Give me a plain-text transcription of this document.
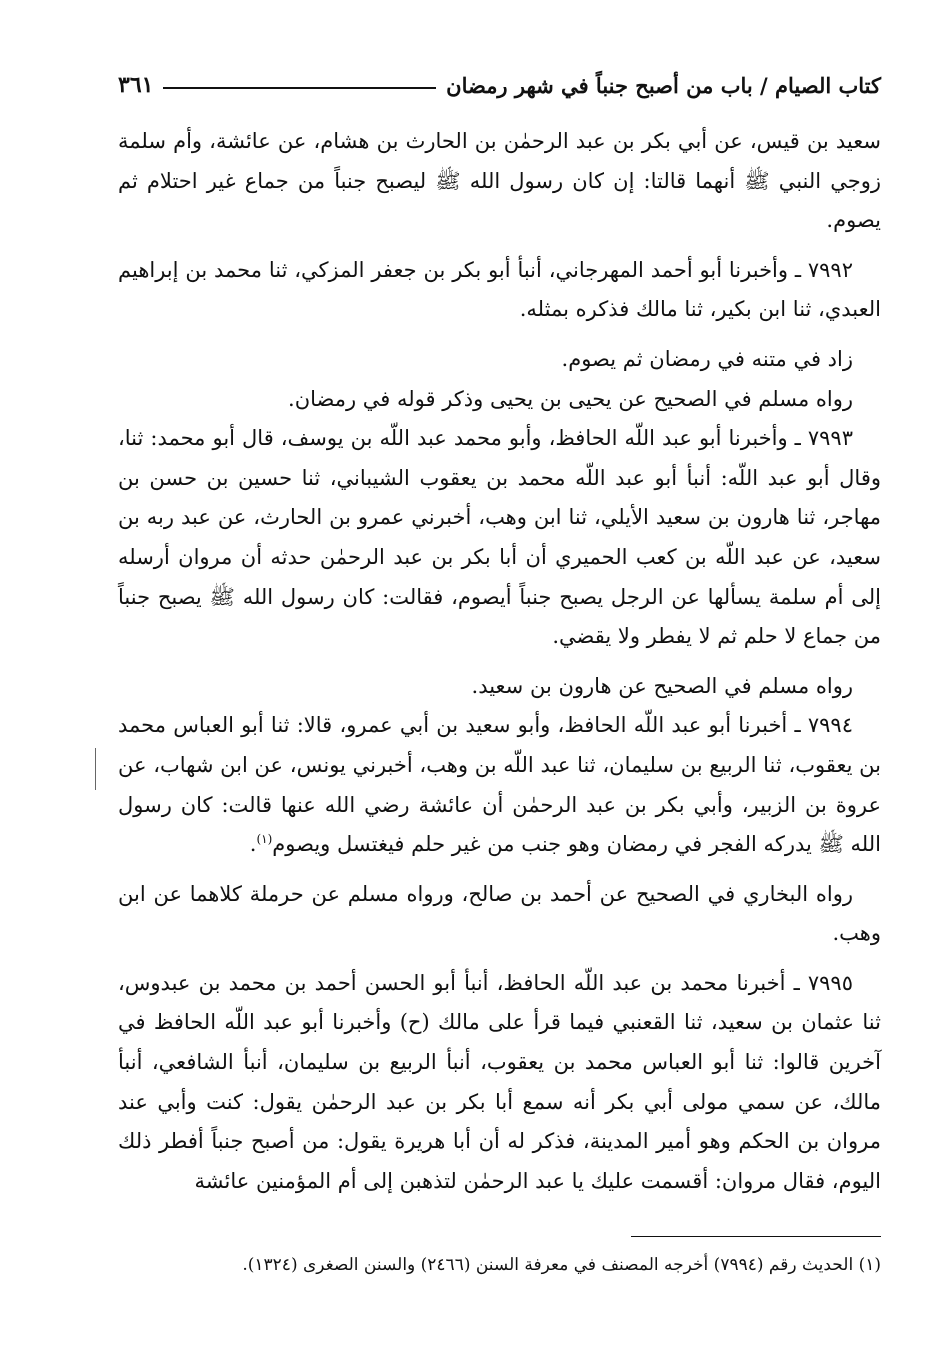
كتاب الصيام / باب من أصبح جنباً في شهر رمضان
٣٦١

سعيد بن قيس، عن أبي بكر بن عبد الرحمٰن بن الحارث بن هشام، عن عائشة، وأم سلمة زوجي النبي ﷺ أنهما قالتا: إن كان رسول الله ﷺ ليصبح جنباً من جماع غير احتلام ثم يصوم.

٧٩٩٢ ـ وأخبرنا أبو أحمد المهرجاني، أنبأ أبو بكر بن جعفر المزكي، ثنا محمد بن إبراهيم العبدي، ثنا ابن بكير، ثنا مالك فذكره بمثله.

زاد في متنه في رمضان ثم يصوم.

رواه مسلم في الصحيح عن يحيى بن يحيى وذكر قوله في رمضان.

٧٩٩٣ ـ وأخبرنا أبو عبد اللّه الحافظ، وأبو محمد عبد اللّه بن يوسف، قال أبو محمد: ثنا، وقال أبو عبد اللّه: أنبأ أبو عبد اللّه محمد بن يعقوب الشيباني، ثنا حسين بن حسن بن مهاجر، ثنا هارون بن سعيد الأيلي، ثنا ابن وهب، أخبرني عمرو بن الحارث، عن عبد ربه بن سعيد، عن عبد اللّه بن كعب الحميري أن أبا بكر بن عبد الرحمٰن حدثه أن مروان أرسله إلى أم سلمة يسألها عن الرجل يصبح جنباً أيصوم، فقالت: كان رسول الله ﷺ يصبح جنباً من جماع لا حلم ثم لا يفطر ولا يقضي.

رواه مسلم في الصحيح عن هارون بن سعيد.

٧٩٩٤ ـ أخبرنا أبو عبد اللّه الحافظ، وأبو سعيد بن أبي عمرو، قالا: ثنا أبو العباس محمد بن يعقوب، ثنا الربيع بن سليمان، ثنا عبد اللّه بن وهب، أخبرني يونس، عن ابن شهاب، عن عروة بن الزبير، وأبي بكر بن عبد الرحمٰن أن عائشة رضي الله عنها قالت: كان رسول الله ﷺ يدركه الفجر في رمضان وهو جنب من غير حلم فيغتسل ويصوم$^{(١)}$.

رواه البخاري في الصحيح عن أحمد بن صالح، ورواه مسلم عن حرملة كلاهما عن ابن وهب.

٧٩٩٥ ـ أخبرنا محمد بن عبد اللّه الحافظ، أنبأ أبو الحسن أحمد بن محمد بن عبدوس، ثنا عثمان بن سعيد، ثنا القعنبي فيما قرأ على مالك (ح) وأخبرنا أبو عبد اللّه الحافظ في آخرين قالوا: ثنا أبو العباس محمد بن يعقوب، أنبأ الربيع بن سليمان، أنبأ الشافعي، أنبأ مالك، عن سمي مولى أبي بكر أنه سمع أبا بكر بن عبد الرحمٰن يقول: كنت وأبي عند مروان بن الحكم وهو أمير المدينة، فذكر له أن أبا هريرة يقول: من أصبح جنباً أفطر ذلك اليوم، فقال مروان: أقسمت عليك يا عبد الرحمٰن لتذهبن إلى أم المؤمنين عائشة

(١) الحديث رقم (٧٩٩٤) أخرجه المصنف في معرفة السنن (٢٤٦٦) والسنن الصغرى (١٣٢٤).
